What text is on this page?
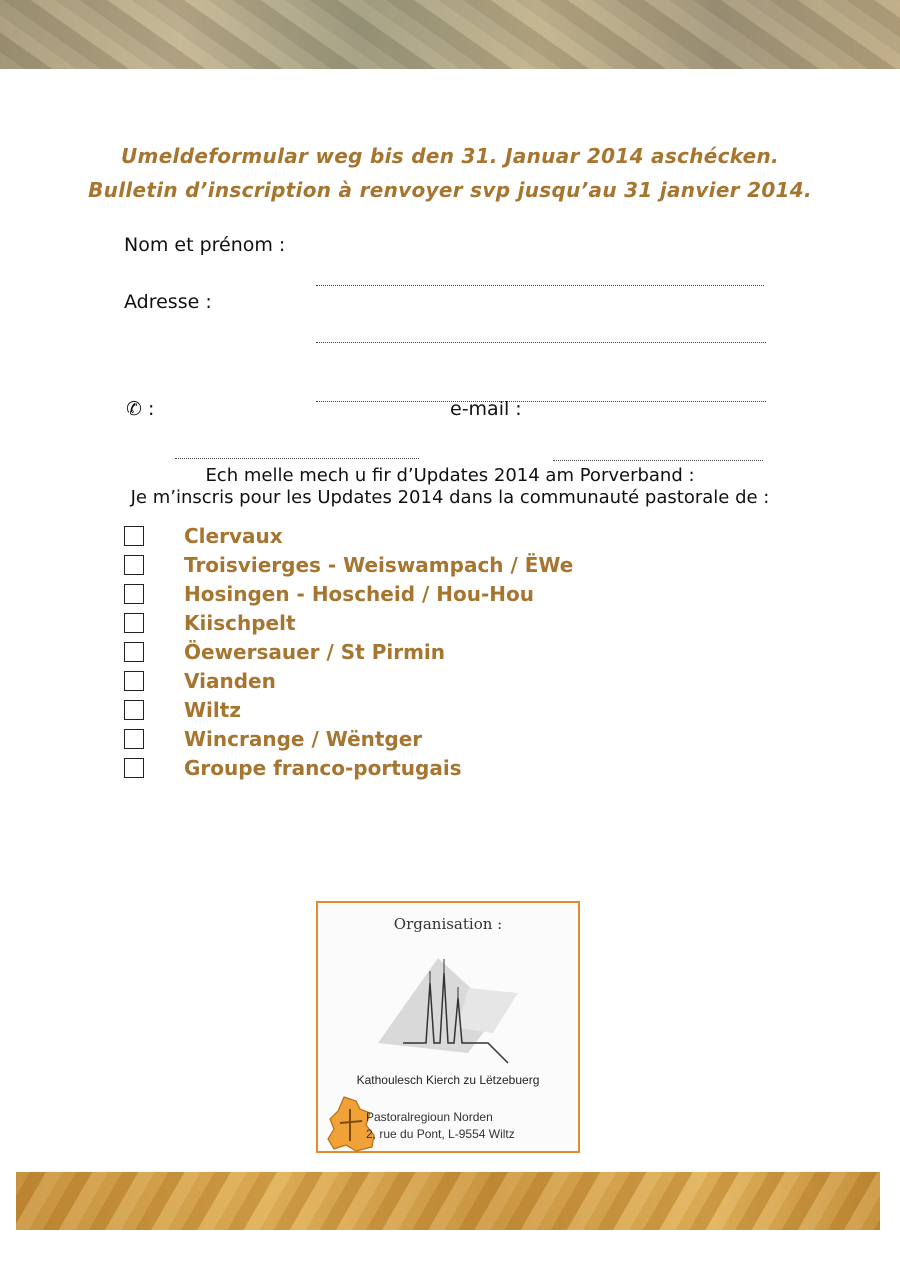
Umeldeformular weg bis den 31. Januar 2014 aschécken.
Bulletin d’inscription à renvoyer svp jusqu’au 31 janvier 2014.
Nom et prénom :
Adresse :
✆ :	e-mail :
Ech melle mech u fir d’Updates 2014 am Porverband :
Je m’inscris pour les Updates 2014 dans la communauté pastorale de :
Clervaux
Troisvierges - Weiswampach / ËWe
Hosingen - Hoscheid / Hou-Hou
Kiischpelt
Öewersauer / St Pirmin
Vianden
Wiltz
Wincrange / Wëntger
Groupe franco-portugais
Organisation :
Kathoulesch Kierch zu Lëtzebuerg
Pastoralregioun Norden
2, rue du Pont, L-9554 Wiltz
